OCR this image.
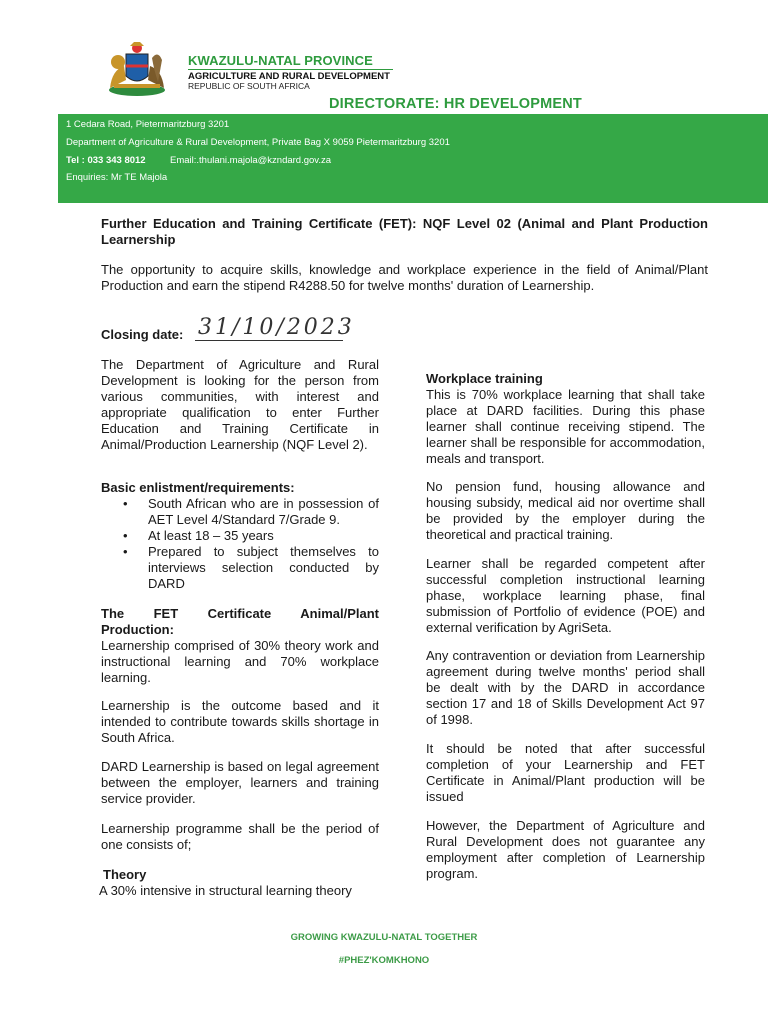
KWAZULU-NATAL PROVINCE
AGRICULTURE AND RURAL DEVELOPMENT
REPUBLIC OF SOUTH AFRICA
DIRECTORATE: HR DEVELOPMENT
1 Cedara Road, Pietermaritzburg 3201
Department of Agriculture & Rural Development, Private Bag X 9059 Pietermaritzburg 3201
Tel : 033 343 8012	Email:.thulani.majola@kzndard.gov.za
Enquiries: Mr TE Majola
Further Education and Training Certificate (FET): NQF Level 02 (Animal and Plant Production Learnership
The opportunity to acquire skills, knowledge and workplace experience in the field of Animal/Plant Production and earn the stipend R4288.50 for twelve months' duration of Learnership.
Closing date: 31/10/2023
The Department of Agriculture and Rural Development is looking for the person from various communities, with interest and appropriate qualification to enter Further Education and Training Certificate in Animal/Production Learnership (NQF Level 2).
Basic enlistment/requirements:
• South African who are in possession of AET Level 4/Standard 7/Grade 9.
• At least 18 – 35 years
• Prepared to subject themselves to interviews selection conducted by DARD
The FET Certificate Animal/Plant Production:
Learnership comprised of 30% theory work and instructional learning and 70% workplace learning.
Learnership is the outcome based and it intended to contribute towards skills shortage in South Africa.
DARD Learnership is based on legal agreement between the employer, learners and training service provider.
Learnership programme shall be the period of one consists of;
Theory
A 30% intensive in structural learning theory
Workplace training
This is 70% workplace learning that shall take place at DARD facilities. During this phase learner shall continue receiving stipend. The learner shall be responsible for accommodation, meals and transport.
No pension fund, housing allowance and housing subsidy, medical aid nor overtime shall be provided by the employer during the theoretical and practical training.
Learner shall be regarded competent after successful completion instructional learning phase, workplace learning phase, final submission of Portfolio of evidence (POE) and external verification by AgriSeta.
Any contravention or deviation from Learnership agreement during twelve months' period shall be dealt with by the DARD in accordance section 17 and 18 of Skills Development Act 97 of 1998.
It should be noted that after successful completion of your Learnership and FET Certificate in Animal/Plant production will be issued
However, the Department of Agriculture and Rural Development does not guarantee any employment after completion of Learnership program.
GROWING KWAZULU-NATAL TOGETHER
#PHEZ'KOMKHONO
